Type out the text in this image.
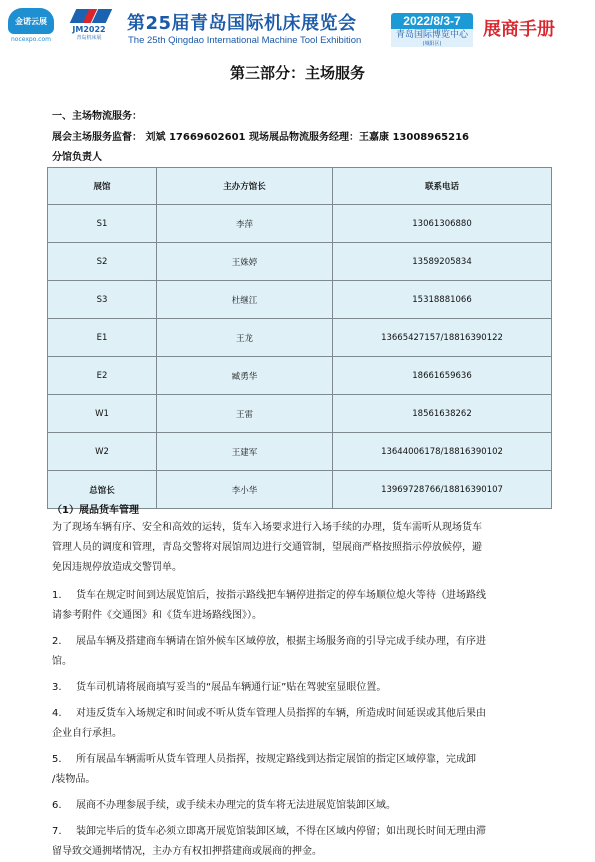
金诺云展
nocexpo.com
JM2022
青岛机床展
第25届青岛国际机床展览会
The 25th Qingdao International Machine Tool Exhibition
2022/8/3-7
青岛国际博览中心
(城阳区)
展商手册
第三部分：主场服务
一、主场物流服务：
展会主场服务监督： 刘斌 17669602601 现场展品物流服务经理：王嘉康 13008965216
分馆负责人
展馆	主办方馆长	联系电话
S1	李萍	13061306880
S2	王姝婷	13589205834
S3	杜继江	15318881066
E1	王龙	13665427157/18816390122
E2	臧勇华	18661659636
W1	王雷	18561638262
W2	王建军	13644006178/18816390102
总馆长	李小华	13969728766/18816390107
（1）展品货车管理
为了现场车辆有序、安全和高效的运转，货车入场要求进行入场手续的办理，货车需听从现场货车
管理人员的调度和管理，青岛交警将对展馆周边进行交通管制，望展商严格按照指示停放候停，避
免因违规停放造成交警罚单。
1. 货车在规定时间到达展览馆后，按指示路线把车辆停进指定的停车场顺位熄火等待（进场路线
请参考附件《交通图》和《货车进场路线图》）。
2. 展品车辆及搭建商车辆请在馆外候车区域停放，根据主场服务商的引导完成手续办理，有序进
馆。
3. 货车司机请将展商填写妥当的“展品车辆通行证”贴在驾驶室显眼位置。
4. 对违反货车入场规定和时间或不听从货车管理人员指挥的车辆，所造成时间延误或其他后果由
企业自行承担。
5. 所有展品车辆需听从货车管理人员指挥，按规定路线到达指定展馆的指定区域停靠，完成卸
/装物品。
6. 展商不办理参展手续，或手续未办理完的货车将无法进展览馆装卸区域。
7. 装卸完毕后的货车必须立即离开展览馆装卸区域，不得在区域内停留；如出现长时间无理由滞
留导致交通拥堵情况，主办方有权扣押搭建商或展商的押金。
